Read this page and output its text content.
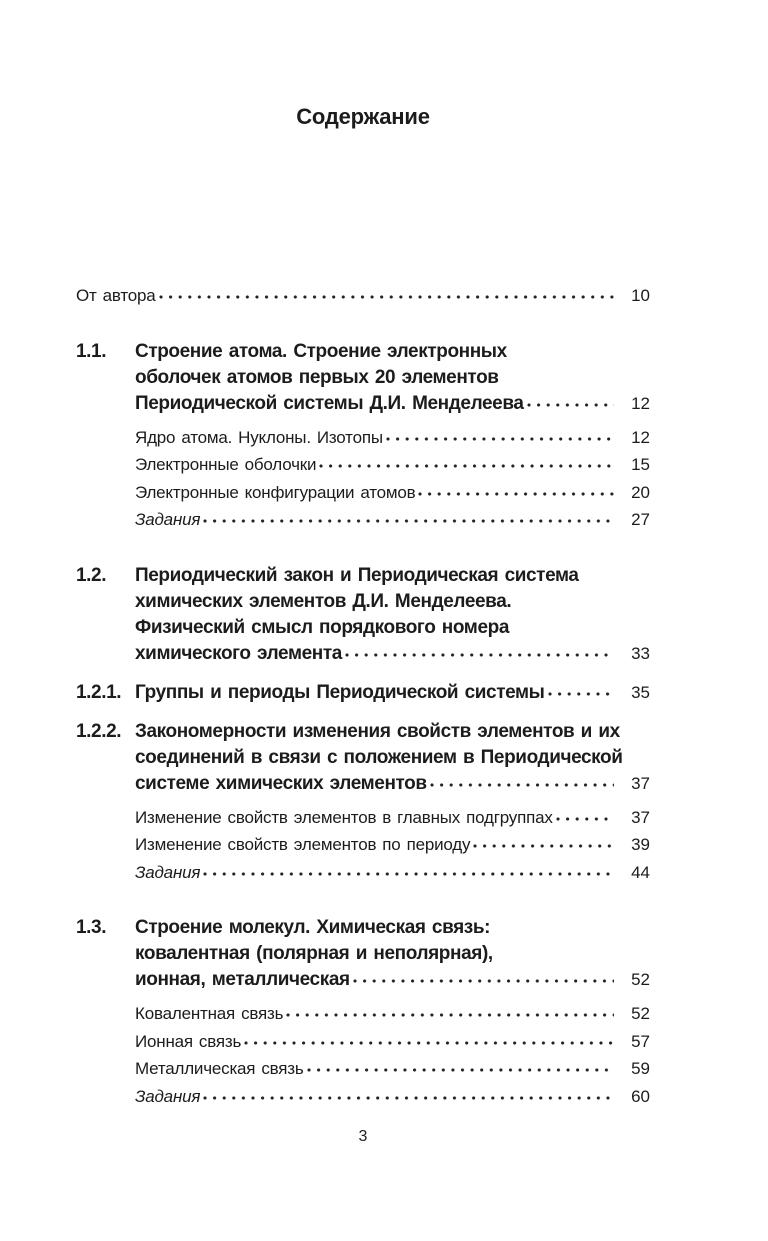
Содержание
От автора	10
1.1.	Строение атома. Строение электронных
оболочек атомов первых 20 элементов
Периодической системы Д.И. Менделеева	12
Ядро атома. Нуклоны. Изотопы	12
Электронные оболочки	15
Электронные конфигурации атомов	20
Задания	27
1.2.	Периодический закон и Периодическая система
химических элементов Д.И. Менделеева.
Физический смысл порядкового номера
химического элемента	33
1.2.1. Группы и периоды Периодической системы	35
1.2.2. Закономерности изменения свойств элементов и их
соединений в связи с положением в Периодической
системе химических элементов	37
Изменение свойств элементов в главных подгруппах	37
Изменение свойств элементов по периоду	39
Задания	44
1.3.	Строение молекул. Химическая связь:
ковалентная (полярная и неполярная),
ионная, металлическая	52
Ковалентная связь	52
Ионная связь	57
Металлическая связь	59
Задания	60
3
